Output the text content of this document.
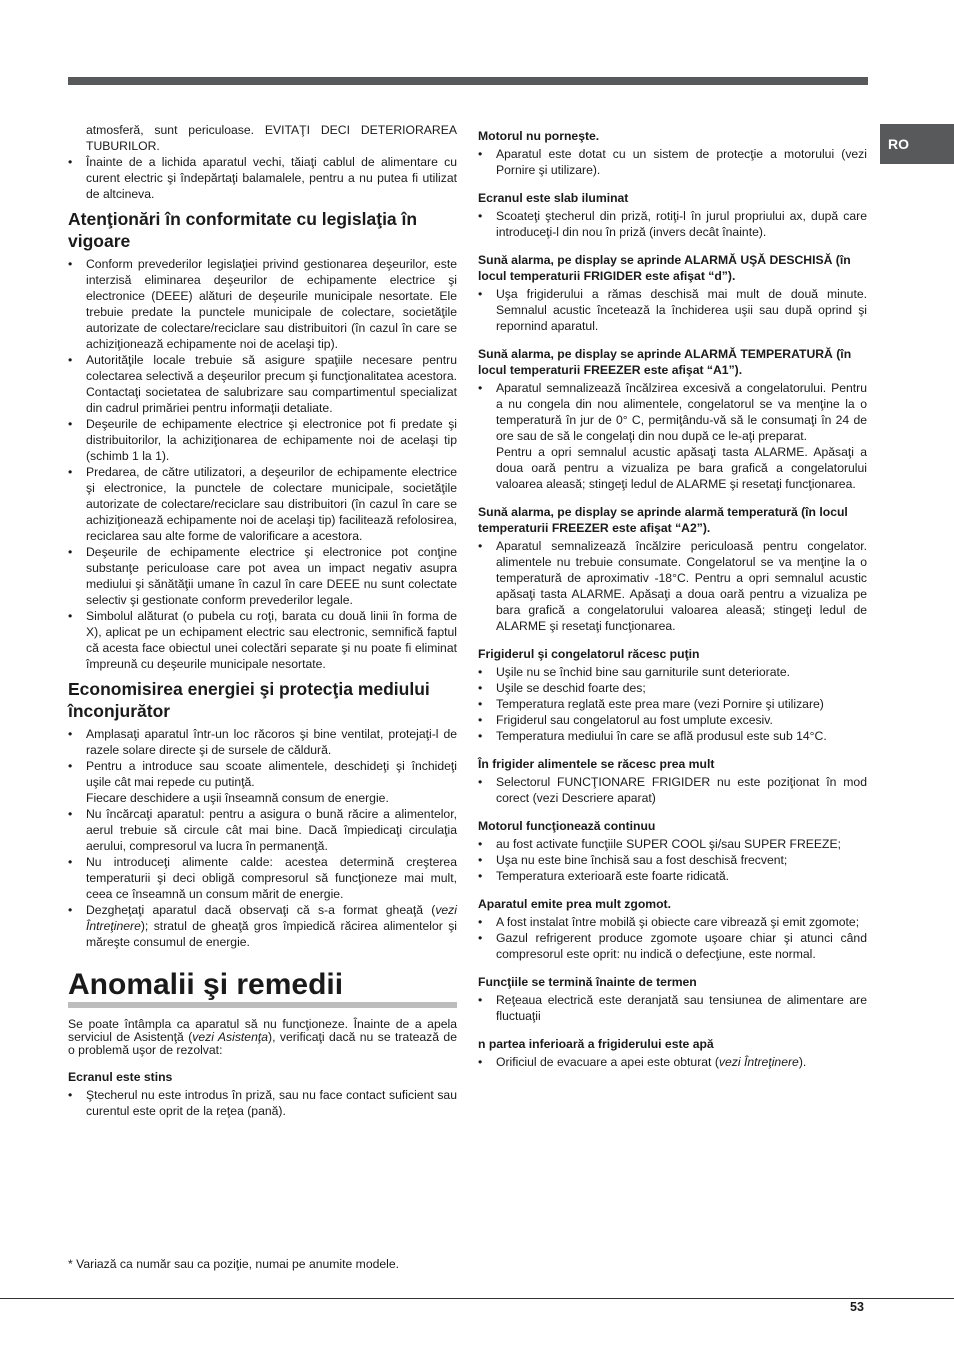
RO

atmosferă, sunt periculoase. EVITAŢI DECI DETERIORAREA TUBURILOR.

• Înainte de a lichida aparatul vechi, tăiaţi cablul de alimentare cu curent electric şi îndepărtaţi balamalele, pentru a nu putea fi utilizat de altcineva.
Atenţionări în conformitate cu legislaţia în vigoare
• Conform prevederilor legislaţiei privind gestionarea deşeurilor, este interzisă eliminarea deşeurilor de echipamente electrice şi electronice (DEEE) alături de deşeurile municipale nesortate. Ele trebuie predate la punctele municipale de colectare, societăţile autorizate de colectare/reciclare sau distribuitori (în cazul în care se achiziţionează echipamente noi de acelaşi tip).
• Autorităţile locale trebuie să asigure spaţiile necesare pentru colectarea selectivă a deşeurilor precum şi funcţionalitatea acestora. Contactaţi societatea de salubrizare sau compartimentul specializat din cadrul primăriei pentru informaţii detaliate.
• Deşeurile de echipamente electrice şi electronice pot fi predate şi distribuitorilor, la achiziţionarea de echipamente noi de acelaşi tip (schimb 1 la 1).
• Predarea, de către utilizatori, a deşeurilor de echipamente electrice şi electronice, la punctele de colectare municipale, societăţile autorizate de colectare/reciclare sau distribuitori (în cazul în care se achiziţionează echipamente noi de acelaşi tip) facilitează refolosirea, reciclarea sau alte forme de valorificare a acestora.
• Deşeurile de echipamente electrice şi electronice pot conţine substanţe periculoase care pot avea un impact negativ asupra mediului şi sănătăţii umane în cazul în care DEEE nu sunt colectate selectiv şi gestionate conform prevederilor legale.
• Simbolul alăturat (o pubela cu roţi, barata cu două linii în forma de X), aplicat pe un echipament electric sau electronic, semnifică faptul că acesta face obiectul unei colectări separate şi nu poate fi eliminat împreună cu deşeurile municipale nesortate.
Economisirea energiei şi protecţia mediului înconjurător
• Amplasaţi aparatul într-un loc răcoros şi bine ventilat, protejaţi-l de razele solare directe şi de sursele de căldură.
• Pentru a introduce sau scoate alimentele, deschideţi şi închideţi uşile cât mai repede cu putinţă.
Fiecare deschidere a uşii înseamnă consum de energie.
• Nu încărcaţi aparatul: pentru a asigura o bună răcire a alimentelor, aerul trebuie să circule cât mai bine. Dacă împiedicaţi circulaţia aerului, compresorul va lucra în permanenţă.
• Nu introduceţi alimente calde: acestea determină creşterea temperaturii şi deci obligă compresorul să funcţioneze mai mult, ceea ce înseamnă un consum mărit de energie.
• Dezgheţaţi aparatul dacă observaţi că s-a format gheaţă (vezi Întreţinere); stratul de gheaţă gros împiedică răcirea alimentelor şi măreşte consumul de energie.
Anomalii şi remedii

Se poate întâmpla ca aparatul să nu funcţioneze. Înainte de a apela serviciul de Asistenţă (vezi Asistenţa), verificaţi dacă nu se tratează de o problemă uşor de rezolvat:

Ecranul este stins

• Ştecherul nu este introdus în priză, sau nu face contact suficient sau curentul este oprit de la reţea (pană).

Motorul nu porneşte.

• Aparatul este dotat cu un sistem de protecţie a motorului (vezi Pornire şi utilizare).

Ecranul este slab iluminat

• Scoateţi ştecherul din priză, rotiţi-l în jurul propriului ax, după care introduceţi-l din nou în priză (invers decât înainte).

Sună alarma, pe display se aprinde ALARMĂ UŞĂ DESCHISĂ (în locul temperaturii FRIGIDER este afişat “d”).

• Uşa frigiderului a rămas deschisă mai mult de două minute. Semnalul acustic încetează la închiderea uşii sau după oprind şi repornind aparatul.

Sună alarma, pe display se aprinde ALARMĂ TEMPERATURĂ (în locul temperaturii FREEZER este afişat “A1”).

• Aparatul semnalizează încălzirea excesivă a congelatorului. Pentru a nu congela din nou alimentele, congelatorul se va menţine la o temperatură în jur de 0° C, permiţându-vă să le consumaţi în 24 de ore sau de să le congelaţi din nou după ce le-aţi preparat.
Pentru a opri semnalul acustic apăsaţi tasta ALARME. Apăsaţi a doua oară pentru a vizualiza pe bara grafică a congelatorului valoarea aleasă; stingeţi ledul de ALARME şi resetaţi funcţionarea.

Sună alarma, pe display se aprinde alarmă temperatură (în locul temperaturii FREEZER este afişat “A2”).

• Aparatul semnalizează încălzire periculoasă pentru congelator. alimentele nu trebuie consumate. Congelatorul se va menţine la o temperatură de aproximativ -18°C. Pentru a opri semnalul acustic apăsaţi tasta ALARME. Apăsaţi a doua oară pentru a vizualiza pe bara grafică a congelatorului valoarea aleasă; stingeţi ledul de ALARME şi resetaţi funcţionarea.

Frigiderul şi congelatorul răcesc puţin

• Uşile nu se închid bine sau garniturile sunt deteriorate.
• Uşile se deschid foarte des;
• Temperatura reglată este prea mare (vezi Pornire şi utilizare)
• Frigiderul sau congelatorul au fost umplute excesiv.
• Temperatura mediului în care se află produsul este sub 14°C.

În frigider alimentele se răcesc prea mult

• Selectorul FUNCŢIONARE FRIGIDER nu este poziţionat în mod corect (vezi Descriere aparat)

Motorul funcţionează continuu

• au fost activate funcţiile SUPER COOL şi/sau SUPER FREEZE;
• Uşa nu este bine închisă sau a fost deschisă frecvent;
• Temperatura exterioară este foarte ridicată.

Aparatul emite prea mult zgomot.

• A fost instalat între mobilă şi obiecte care vibrează şi emit zgomote;
• Gazul refrigerent produce zgomote uşoare chiar şi atunci când compresorul este oprit: nu indică o defecţiune, este normal.

Funcţiile se termină înainte de termen

• Reţeaua electrică este deranjată sau tensiunea de alimentare are fluctuaţii

n partea inferioară a frigiderului este apă

• Orificiul de evacuare a apei este obturat (vezi Întreţinere).
* Variază ca număr sau ca poziţie, numai pe anumite modele.
53
